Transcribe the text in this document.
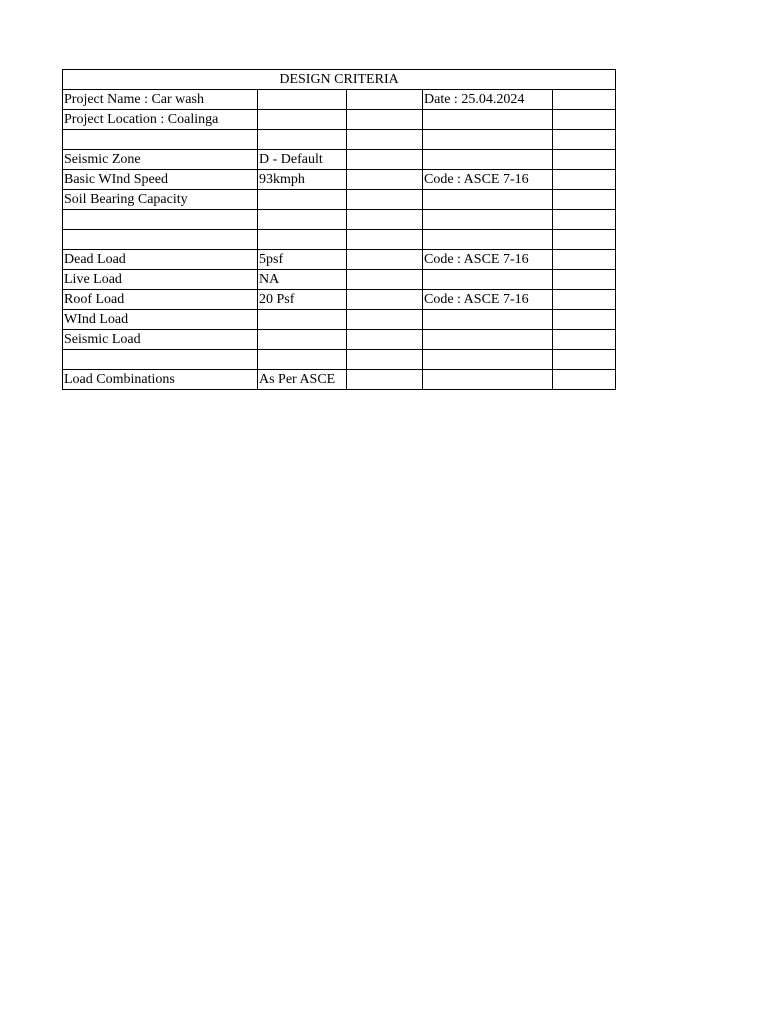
DESIGN CRITERIA				
Project Name : Car wash			Date : 25.04.2024	
Project Location : Coalinga				

Seismic Zone	D - Default			
Basic WInd Speed	93kmph		Code : ASCE 7-16	
Soil Bearing Capacity				

Dead Load	5psf		Code : ASCE 7-16	
Live Load	NA			
Roof Load	20 Psf		Code : ASCE 7-16	
WInd Load				
Seismic Load				

Load Combinations	As Per ASCE			
